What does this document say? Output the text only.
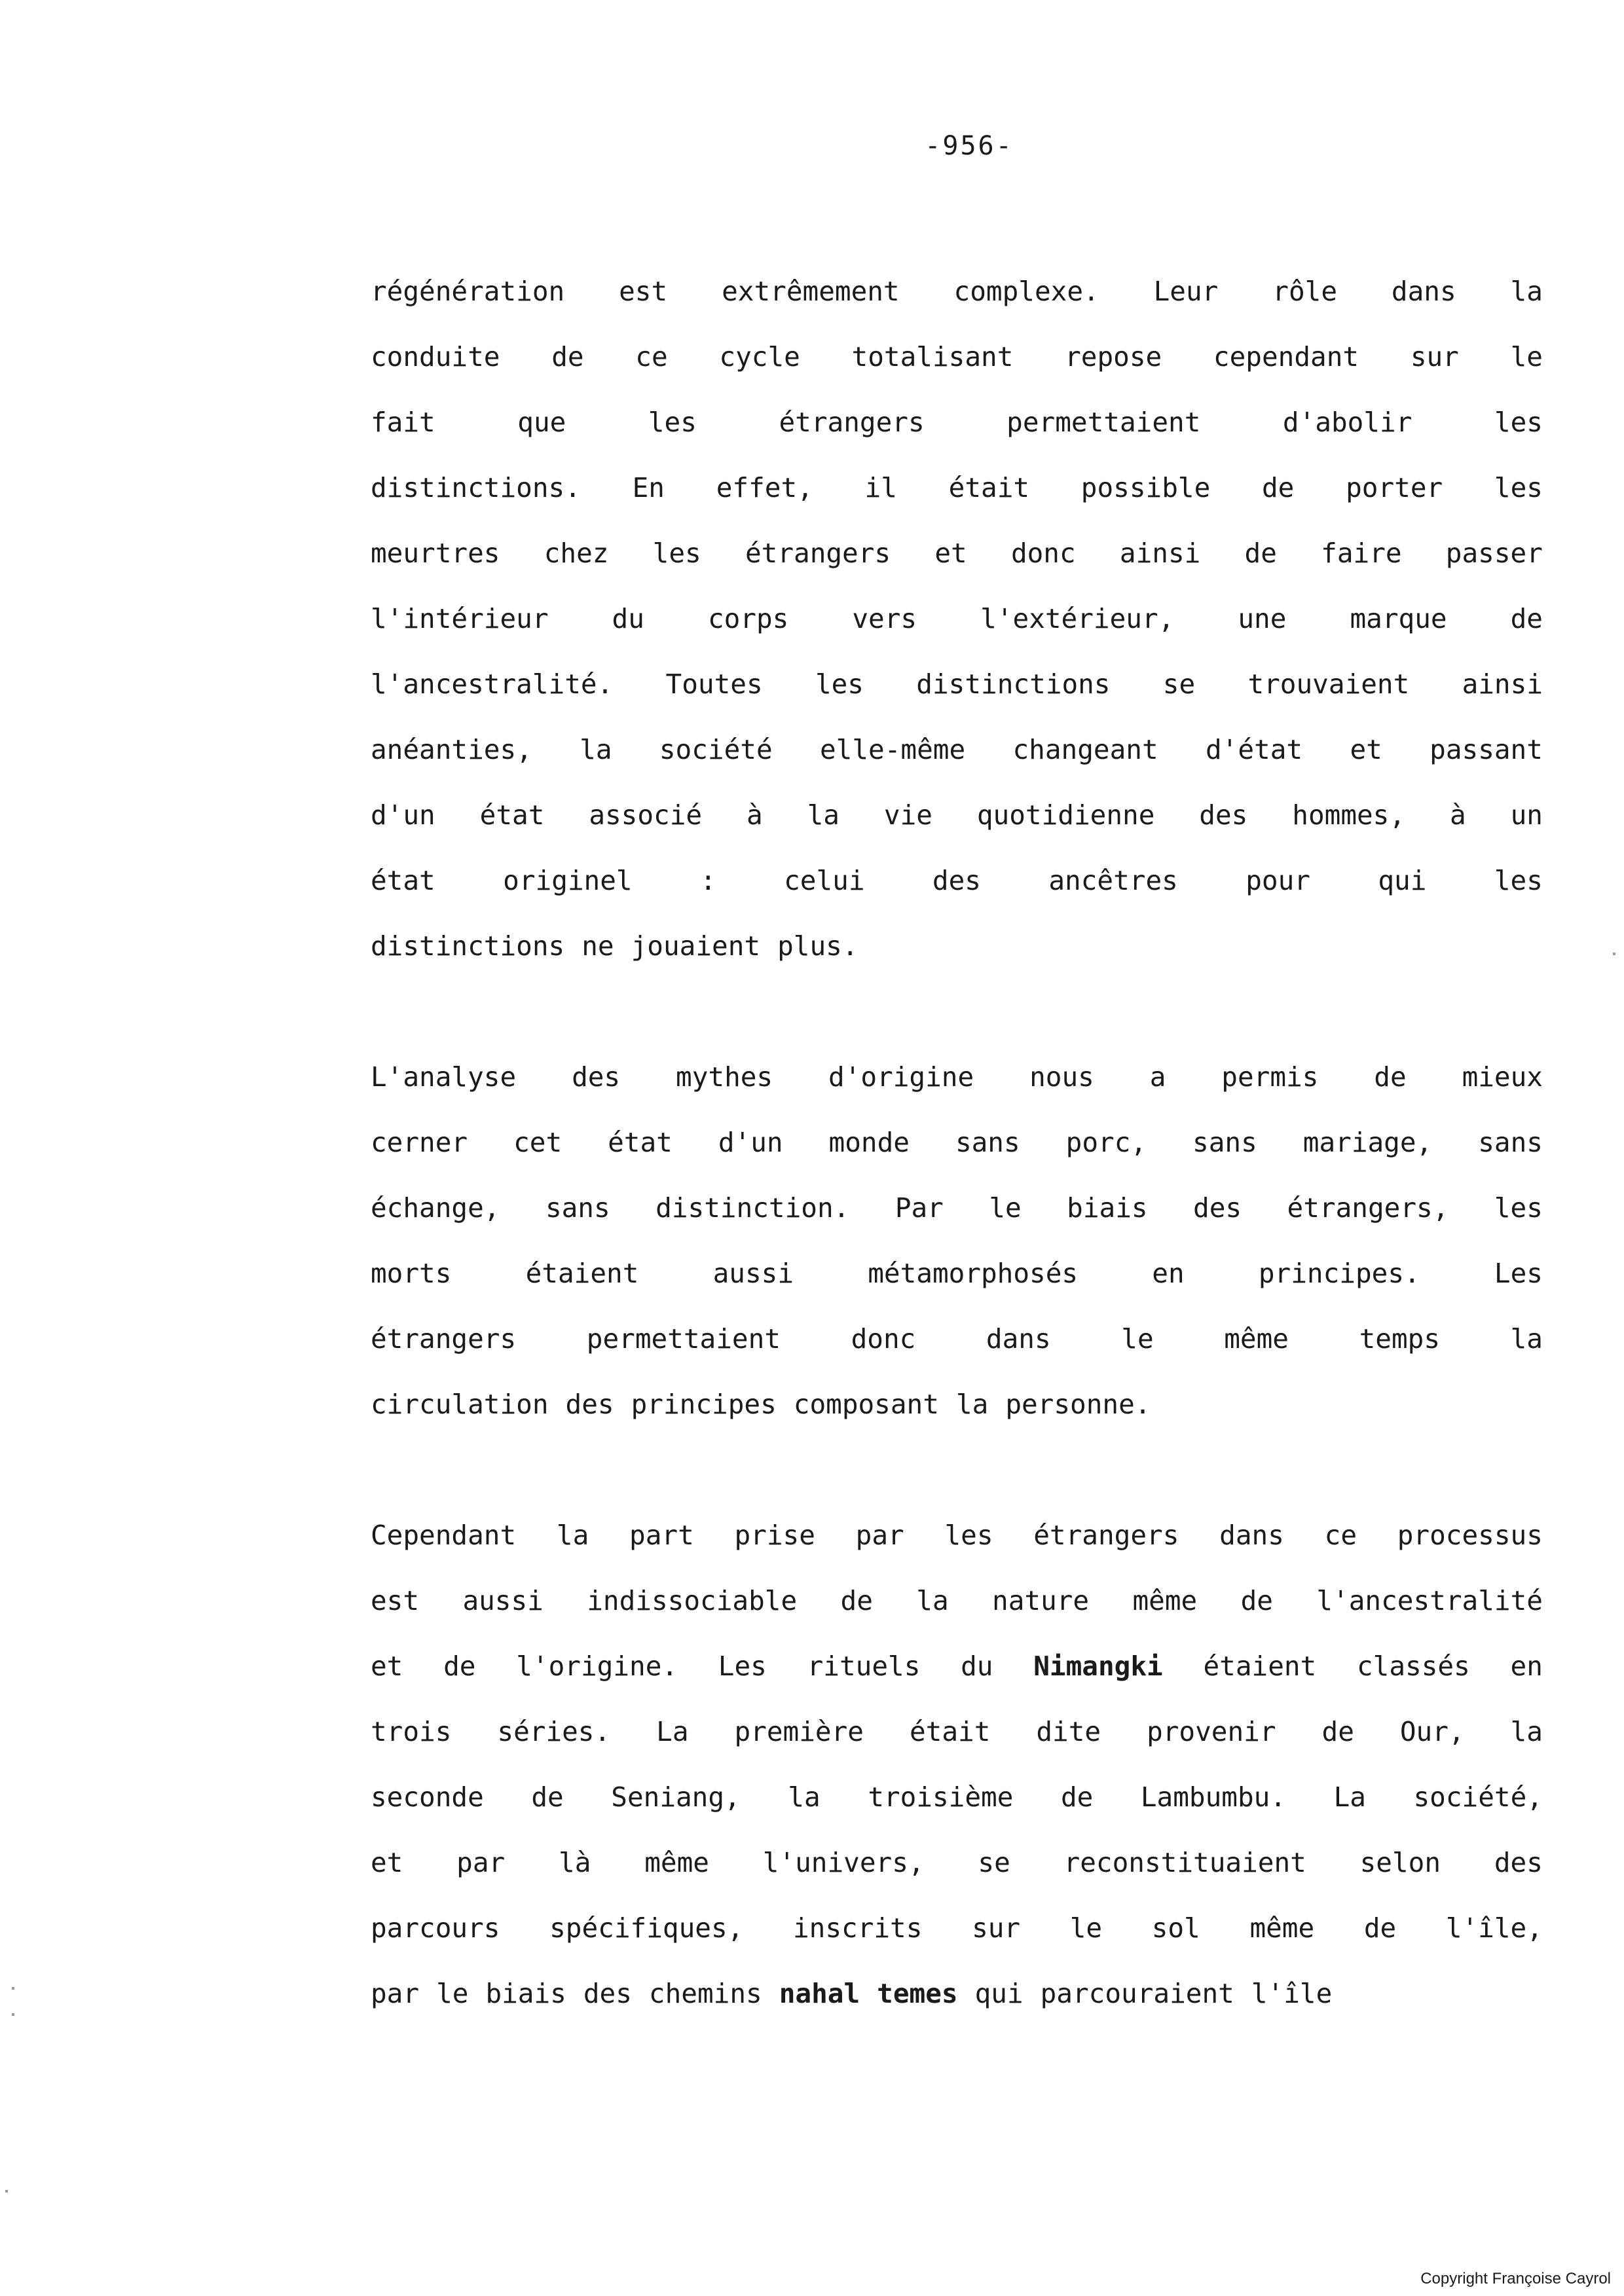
-956-

régénération est extrêmement complexe. Leur rôle dans la
conduite de ce cycle totalisant repose cependant sur le
fait	que	les	étrangers	permettaient	d'abolir	les
distinctions. En effet, il était possible de porter les
meurtres chez les étrangers et donc ainsi de faire passer
l'intérieur du corps vers l'extérieur, une marque de
l'ancestralité. Toutes les distinctions se trouvaient ainsi
anéanties, la société elle-même changeant d'état et passant
d'un état associé à la vie quotidienne des hommes, à un
état	originel	:	celui	des	ancêtres	pour	qui	les
distinctions ne jouaient plus.
L'analyse des mythes d'origine nous a permis de mieux
cerner cet état d'un monde sans porc, sans mariage, sans
échange, sans distinction. Par le biais des étrangers, les
morts	étaient	aussi	métamorphosés	en	principes.	Les
étrangers	permettaient	donc	dans	le	même	temps	la
circulation des principes composant la personne.
Cependant la part prise par les étrangers dans ce processus
est aussi indissociable de la nature même de l'ancestralité
et de l'origine. Les rituels du Nimangki étaient classés en
trois séries. La première était dite provenir de Our, la
seconde de Seniang, la troisième de Lambumbu. La société,
et par là même l'univers, se reconstituaient selon des
parcours spécifiques, inscrits sur le sol même de l'île,
par le biais des chemins nahal temes qui parcouraient l'île
Copyright Françoise Cayrol
